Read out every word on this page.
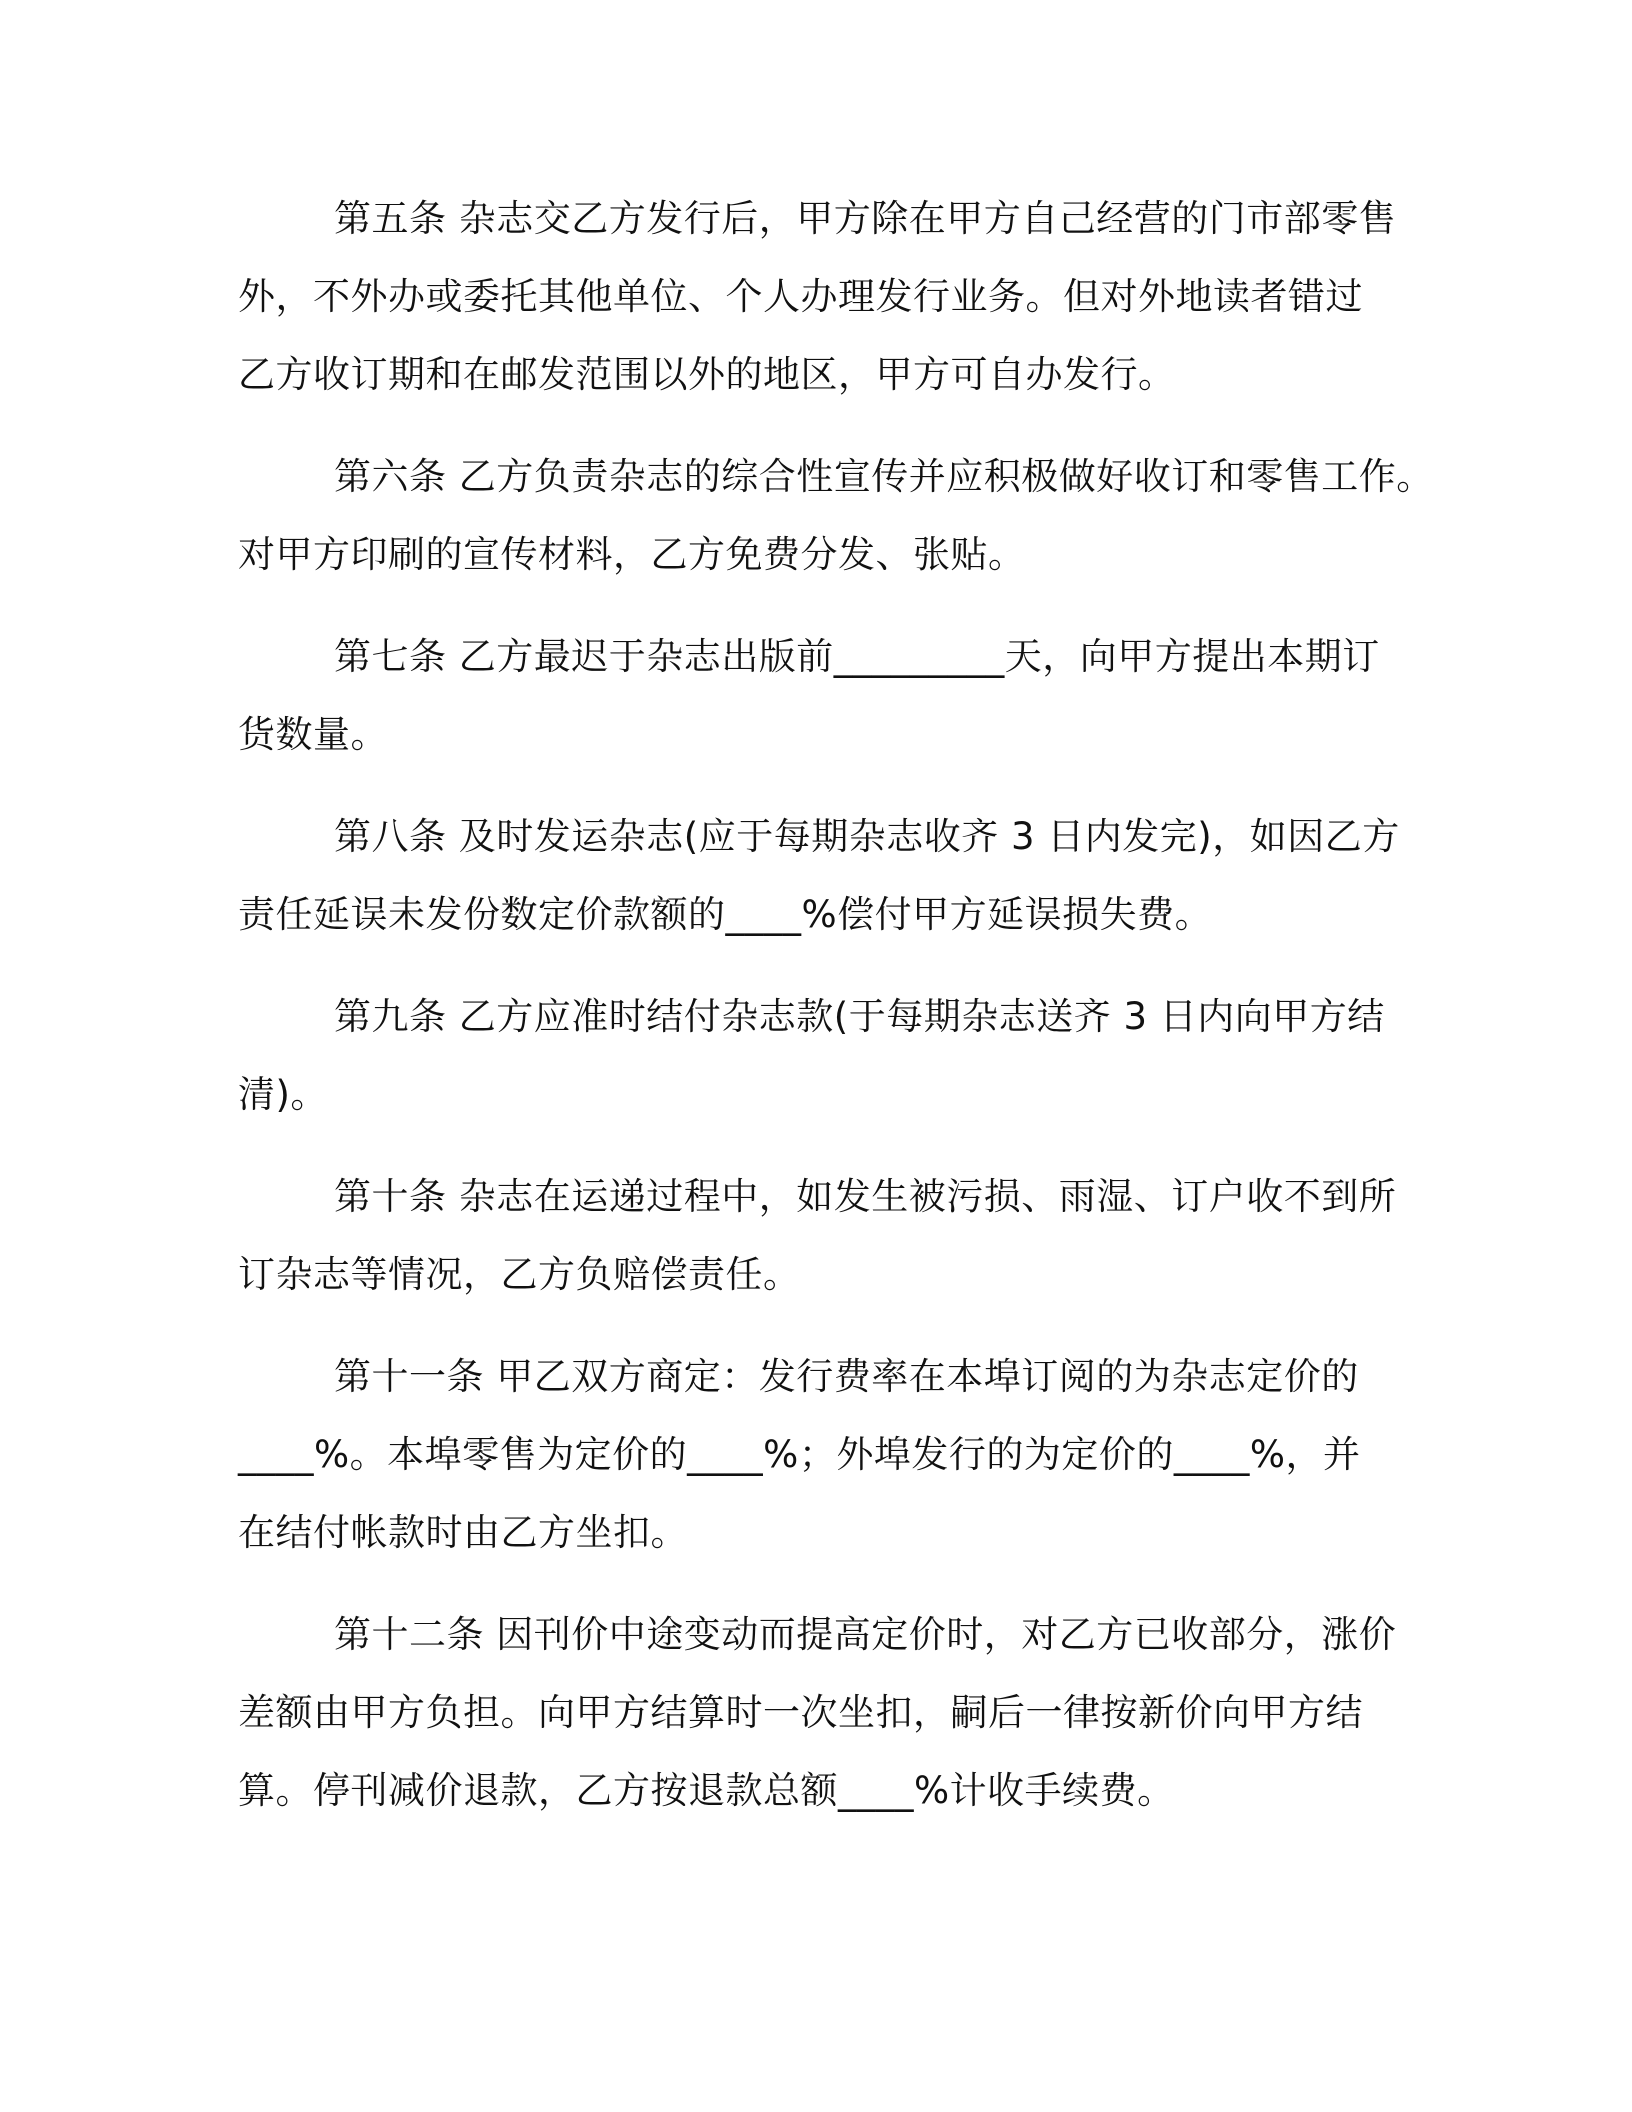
第五条 杂志交乙方发行后，甲方除在甲方自己经营的门市部零售
外，不外办或委托其他单位、个人办理发行业务。但对外地读者错过
乙方收订期和在邮发范围以外的地区，甲方可自办发行。

第六条 乙方负责杂志的综合性宣传并应积极做好收订和零售工作。
对甲方印刷的宣传材料，乙方免费分发、张贴。

第七条 乙方最迟于杂志出版前_________天，向甲方提出本期订
货数量。

第八条 及时发运杂志(应于每期杂志收齐 3 日内发完)，如因乙方
责任延误未发份数定价款额的____%偿付甲方延误损失费。

第九条 乙方应准时结付杂志款(于每期杂志送齐 3 日内向甲方结
清)。

第十条 杂志在运递过程中，如发生被污损、雨湿、订户收不到所
订杂志等情况，乙方负赔偿责任。

第十一条 甲乙双方商定：发行费率在本埠订阅的为杂志定价的
____%。本埠零售为定价的____%；外埠发行的为定价的____%，并
在结付帐款时由乙方坐扣。

第十二条 因刊价中途变动而提高定价时，对乙方已收部分，涨价
差额由甲方负担。向甲方结算时一次坐扣，嗣后一律按新价向甲方结
算。停刊减价退款，乙方按退款总额____%计收手续费。
